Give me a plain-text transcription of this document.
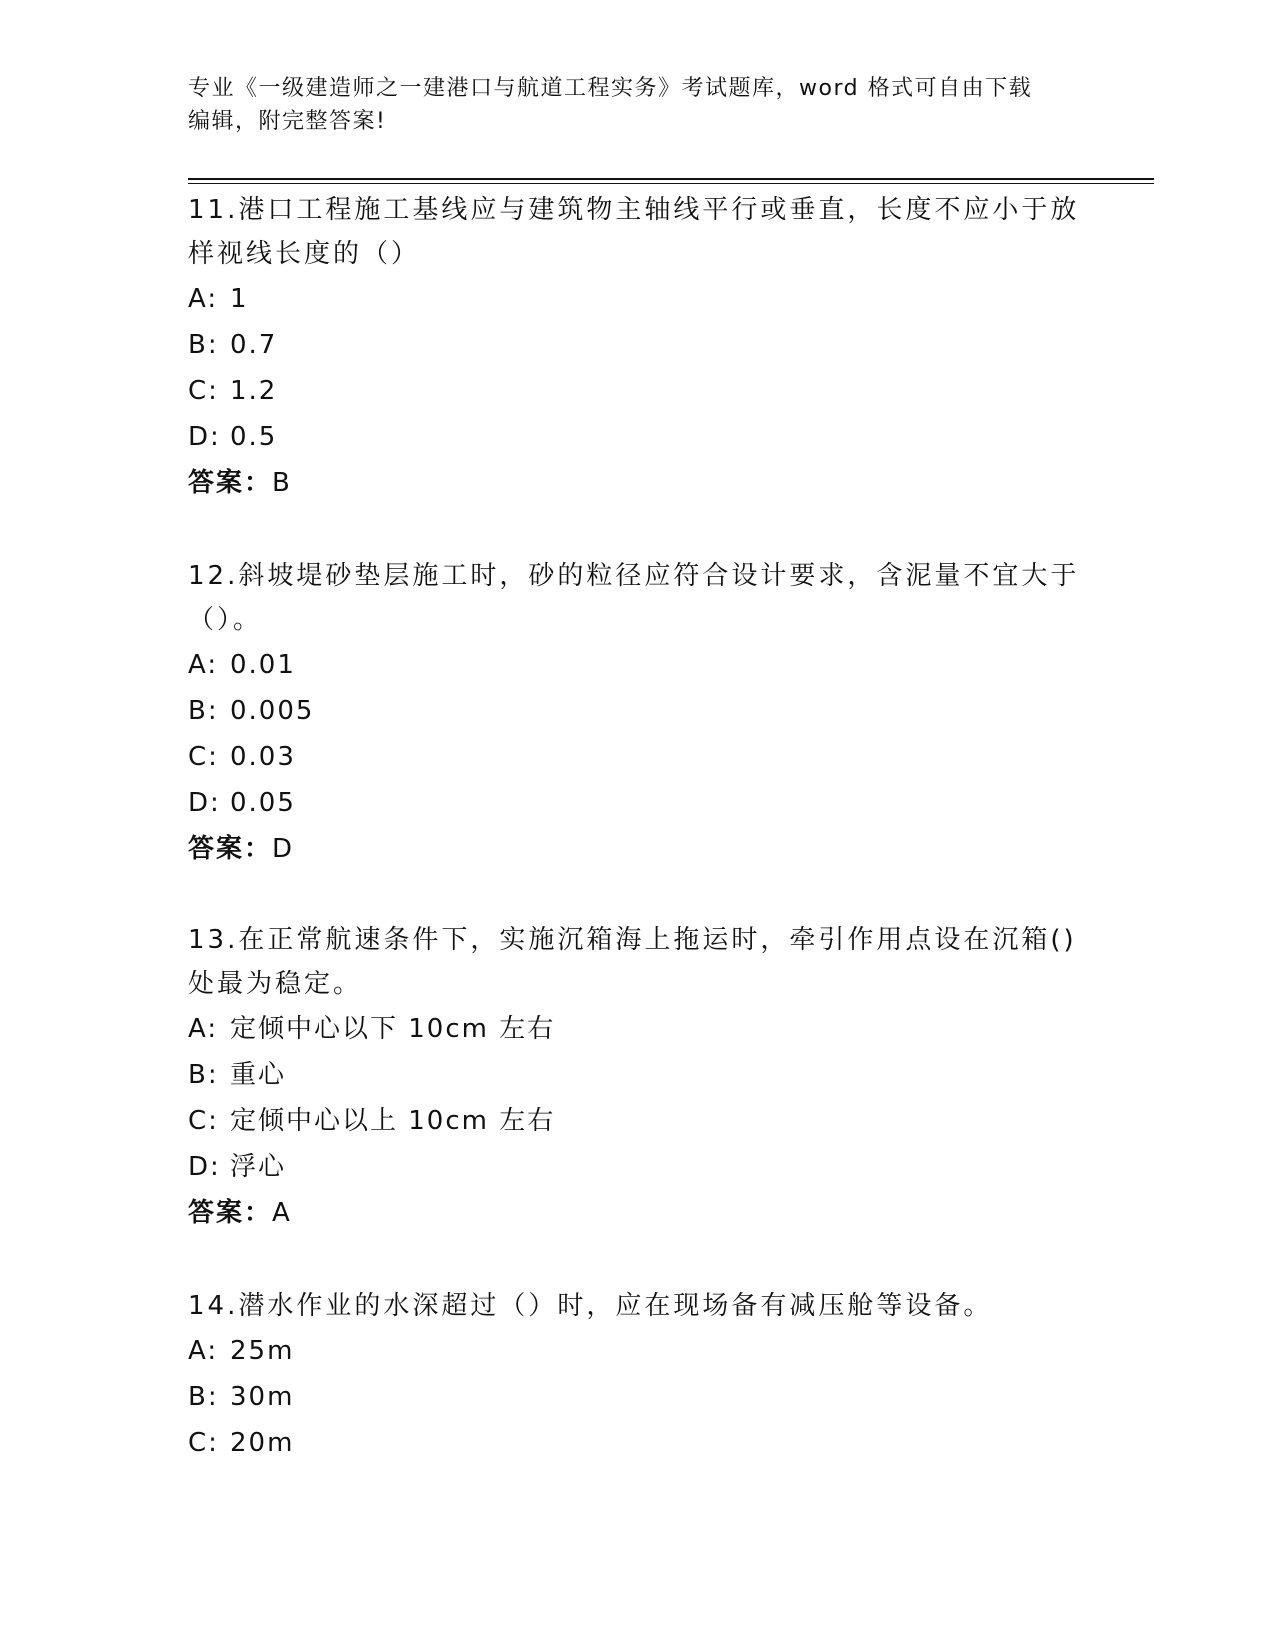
专业《一级建造师之一建港口与航道工程实务》考试题库，word 格式可自由下载
编辑，附完整答案!

11.港口工程施工基线应与建筑物主轴线平行或垂直，长度不应小于放
样视线长度的（）

A: 1

B: 0.7

C: 1.2

D: 0.5

答案：B

12.斜坡堤砂垫层施工时，砂的粒径应符合设计要求，含泥量不宜大于
（）。

A: 0.01

B: 0.005

C: 0.03

D: 0.05

答案：D

13.在正常航速条件下，实施沉箱海上拖运时，牵引作用点设在沉箱()
处最为稳定。

A: 定倾中心以下 10cm 左右

B: 重心

C: 定倾中心以上 10cm 左右

D: 浮心

答案：A

14.潜水作业的水深超过（）时，应在现场备有减压舱等设备。

A: 25m

B: 30m

C: 20m
